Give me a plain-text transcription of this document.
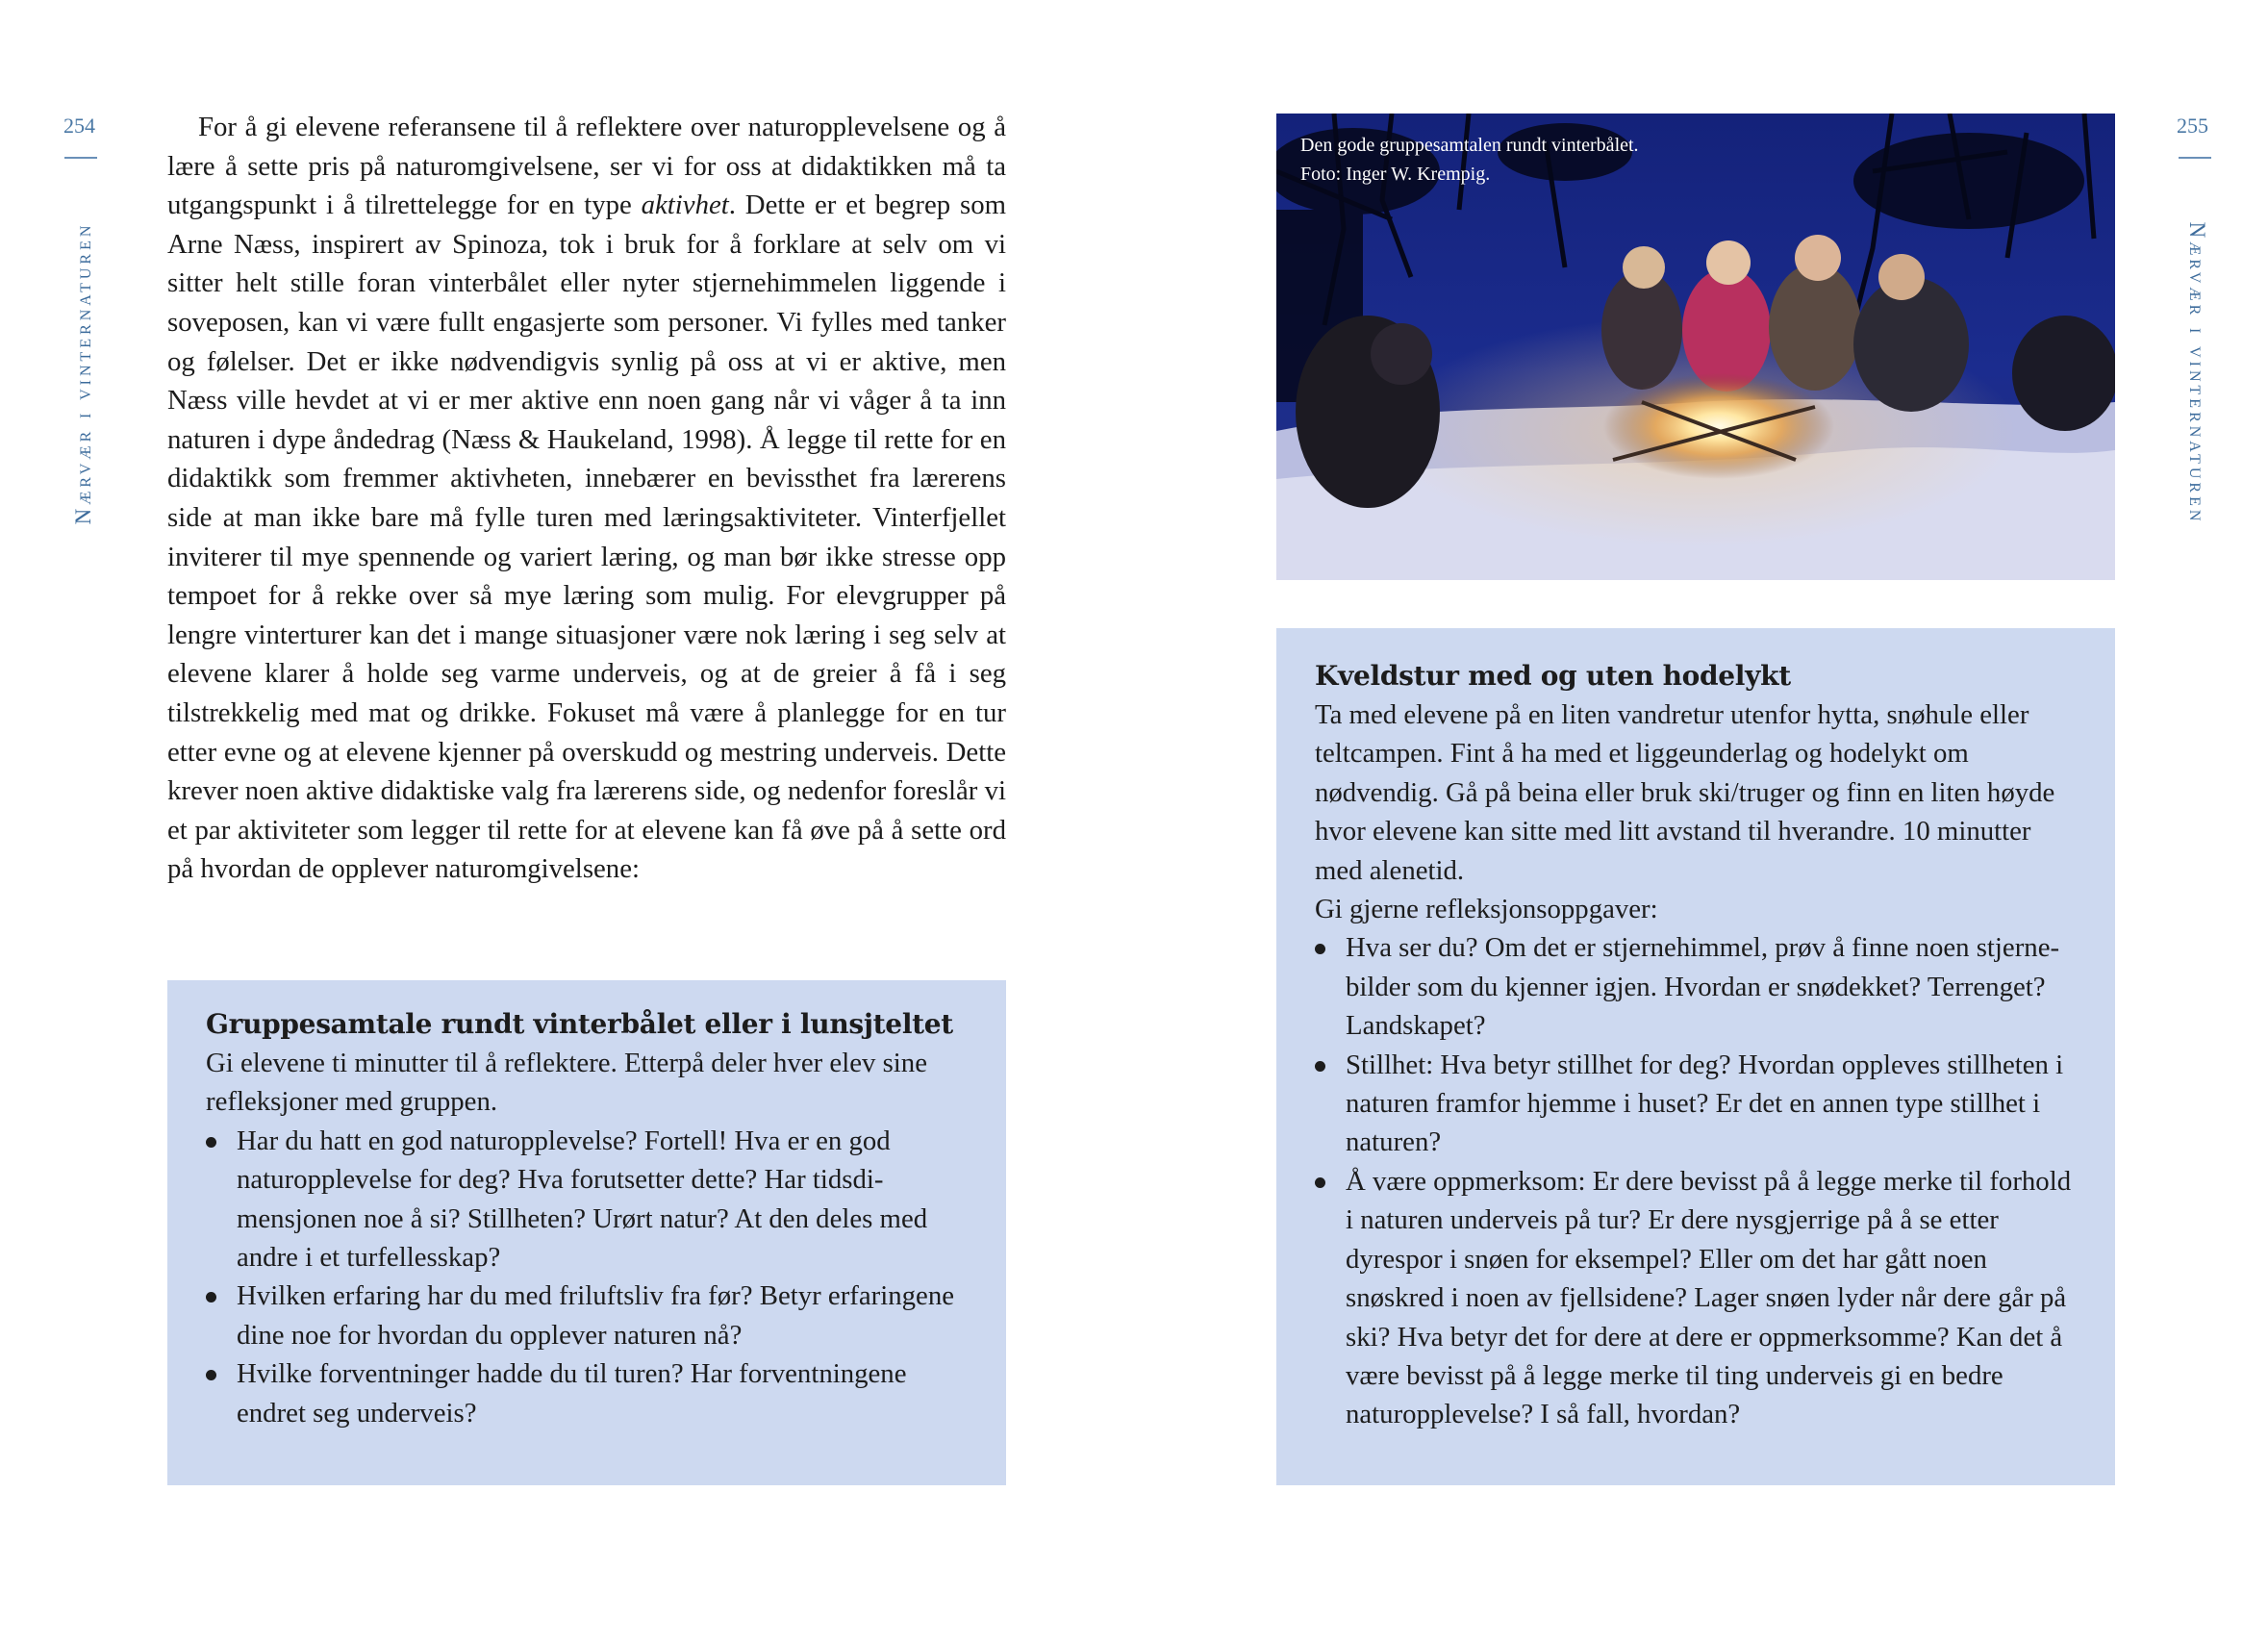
254
Nærvær i vinternaturen

For å gi elevene referansene til å reflektere over naturopplevelsene og å lære å sette pris på naturomgivelsene, ser vi for oss at didaktikken må ta utgangspunkt i å tilrettelegge for en type aktivhet. Dette er et begrep som Arne Næss, inspirert av Spinoza, tok i bruk for å forklare at selv om vi sitter helt stille foran vinterbålet eller nyter stjernehimmelen liggende i soveposen, kan vi være fullt engasjerte som personer. Vi fylles med tanker og følelser. Det er ikke nødvendigvis synlig på oss at vi er aktive, men Næss ville hevdet at vi er mer aktive enn noen gang når vi våger å ta inn naturen i dype åndedrag (Næss & Haukeland, 1998). Å legge til rette for en didaktikk som fremmer aktivheten, innebærer en bevissthet fra lærerens side at man ikke bare må fylle turen med læringsaktiviteter. Vinterfjellet inviterer til mye spennende og variert læring, og man bør ikke stresse opp tempoet for å rekke over så mye læring som mulig. For elevgrupper på lengre vinterturer kan det i mange situasjoner være nok læring i seg selv at elevene klarer å holde seg varme underveis, og at de greier å få i seg tilstrekkelig med mat og drikke. Fokuset må være å planlegge for en tur etter evne og at elevene kjenner på overskudd og mestring underveis. Dette krever noen aktive didaktiske valg fra lærerens side, og nedenfor foreslår vi et par aktiviteter som legger til rette for at elevene kan få øve på å sette ord på hvordan de opplever naturomgivelsene:

Gruppesamtale rundt vinterbålet eller i lunsjteltet

Gi elevene ti minutter til å reflektere. Etterpå deler hver elev sine refleksjoner med gruppen.

Har du hatt en god naturopplevelse? Fortell! Hva er en god naturopplevelse for deg? Hva forutsetter dette? Har tidsdimensjonen noe å si? Stillheten? Urørt natur? At den deles med andre i et turfellesskap?
Hvilken erfaring har du med friluftsliv fra før? Betyr erfaringene dine noe for hvordan du opplever naturen nå?
Hvilke forventninger hadde du til turen? Har forventningene endret seg underveis?
255
Nærvær i vinternaturen
Den gode gruppesamtalen rundt vinterbålet.
Foto: Inger W. Krempig.
Kveldstur med og uten hodelykt

Ta med elevene på en liten vandretur utenfor hytta, snøhule eller teltcampen. Fint å ha med et liggeunderlag og hodelykt om nødvendig. Gå på beina eller bruk ski/truger og finn en liten høyde hvor elevene kan sitte med litt avstand til hverandre. 10 minutter med alenetid.

Gi gjerne refleksjonsoppgaver:

Hva ser du? Om det er stjernehimmel, prøv å finne noen stjernebilder som du kjenner igjen. Hvordan er snødekket? Terrenget? Landskapet?
Stillhet: Hva betyr stillhet for deg? Hvordan oppleves stillheten i naturen framfor hjemme i huset? Er det en annen type stillhet i naturen?
Å være oppmerksom: Er dere bevisst på å legge merke til forhold i naturen underveis på tur? Er dere nysgjerrige på å se etter dyrespor i snøen for eksempel? Eller om det har gått noen snøskred i noen av fjellsidene? Lager snøen lyder når dere går på ski? Hva betyr det for dere at dere er oppmerksomme? Kan det å være bevisst på å legge merke til ting underveis gi en bedre naturopplevelse? I så fall, hvordan?
